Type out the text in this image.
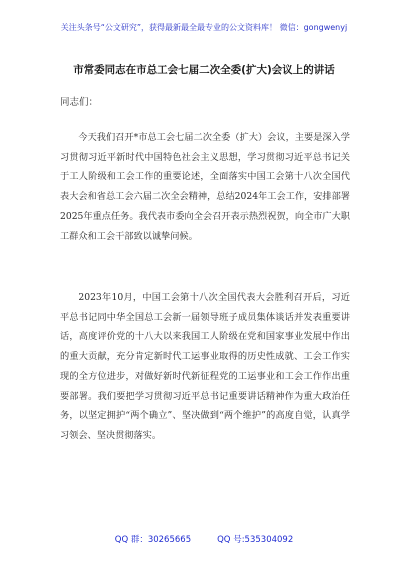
关注头条号“公文研究”，获得最新最全最专业的公文资料库！ 微信：gongwenyj
市常委同志在市总工会七届二次全委(扩大)会议上的讲话
同志们：

今天我们召开*市总工会七届二次全委（扩大）会议，主要是深入学习贯彻习近平新时代中国特色社会主义思想，学习贯彻习近平总书记关于工人阶级和工会工作的重要论述，全面落实中国工会第十八次全国代表大会和省总工会六届二次全会精神，总结2024年工会工作，安排部署2025年重点任务。我代表市委向全会召开表示热烈祝贺，向全市广大职工群众和工会干部致以诚挚问候。

2023年10月，中国工会第十八次全国代表大会胜利召开后，习近平总书记同中华全国总工会新一届领导班子成员集体谈话并发表重要讲话，高度评价党的十八大以来我国工人阶级在党和国家事业发展中作出的重大贡献，充分肯定新时代工运事业取得的历史性成就、工会工作实现的全方位进步，对做好新时代新征程党的工运事业和工会工作作出重要部署。我们要把学习贯彻习近平总书记重要讲话精神作为重大政治任务，以坚定拥护“两个确立”、坚决做到“两个维护”的高度自觉，认真学习领会、坚决贯彻落实。

QQ 群：30265665	QQ 号:535304092
